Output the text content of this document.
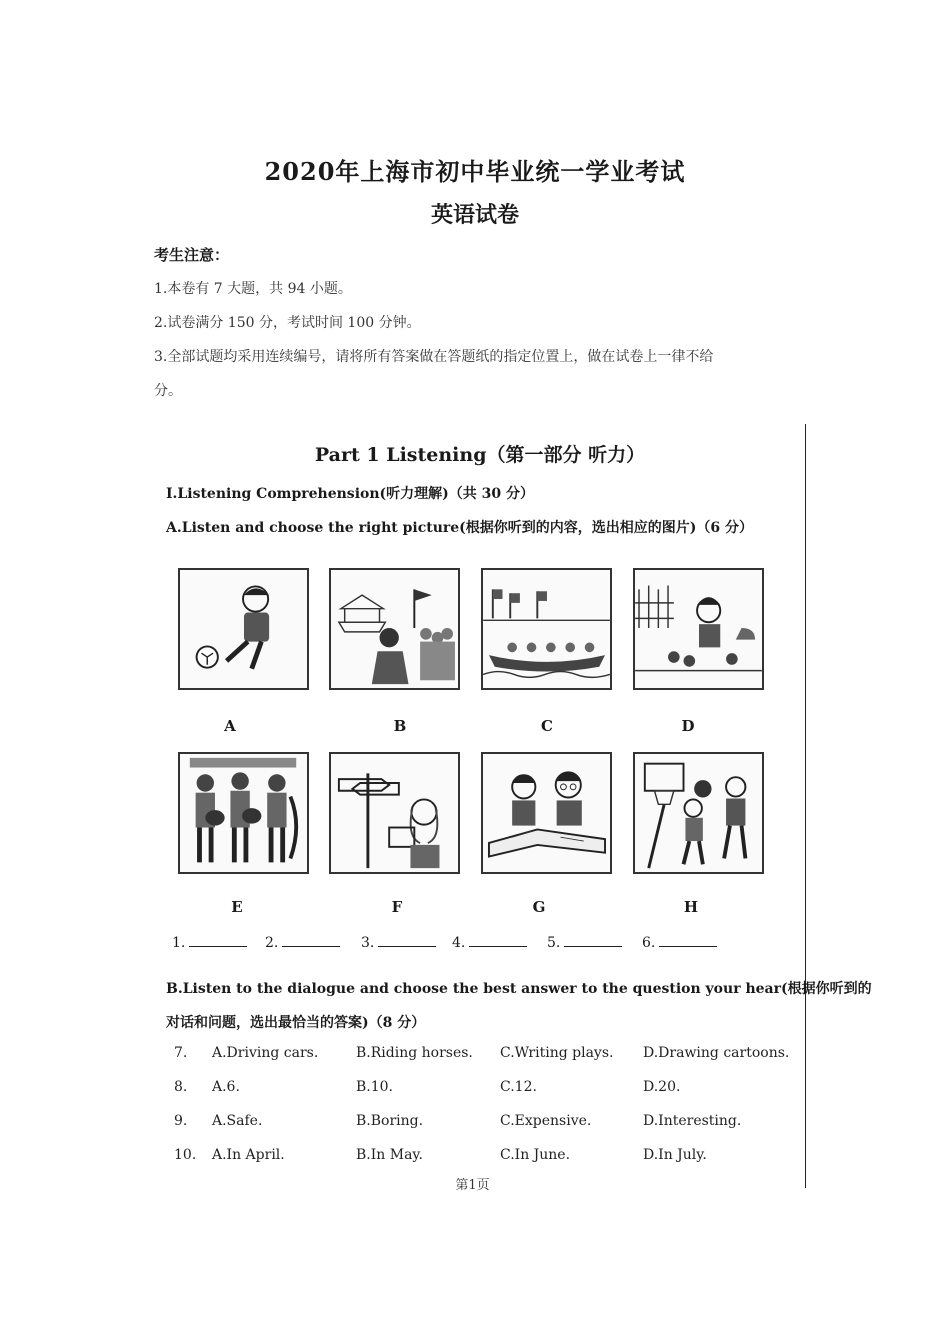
2020年上海市初中毕业统一学业考试
英语试卷
考生注意：
1.本卷有 7 大题，共 94 小题。
2.试卷满分 150 分，考试时间 100 分钟。
3.全部试题均采用连续编号，请将所有答案做在答题纸的指定位置上，做在试卷上一律不给
分。
Part 1 Listening（第一部分 听力）
I.Listening Comprehension(听力理解)（共 30 分）
A.Listen and choose the right picture(根据你听到的内容，选出相应的图片)（6 分）
A	B	C	D
E	F	G	H
1.	2.	3.	4.	5.	6.
B.Listen to the dialogue and choose the best answer to the question your hear(根据你听到的
对话和问题，选出最恰当的答案)（8 分）
7. A.Driving cars.	B.Riding horses. C.Writing plays. D.Drawing cartoons.
8. A.6.	B.10.	C.12.	D.20.
9. A.Safe.	B.Boring.	C.Expensive.	D.Interesting.
10. A.In April.	B.In May.	C.In June.	D.In July.
第1页
